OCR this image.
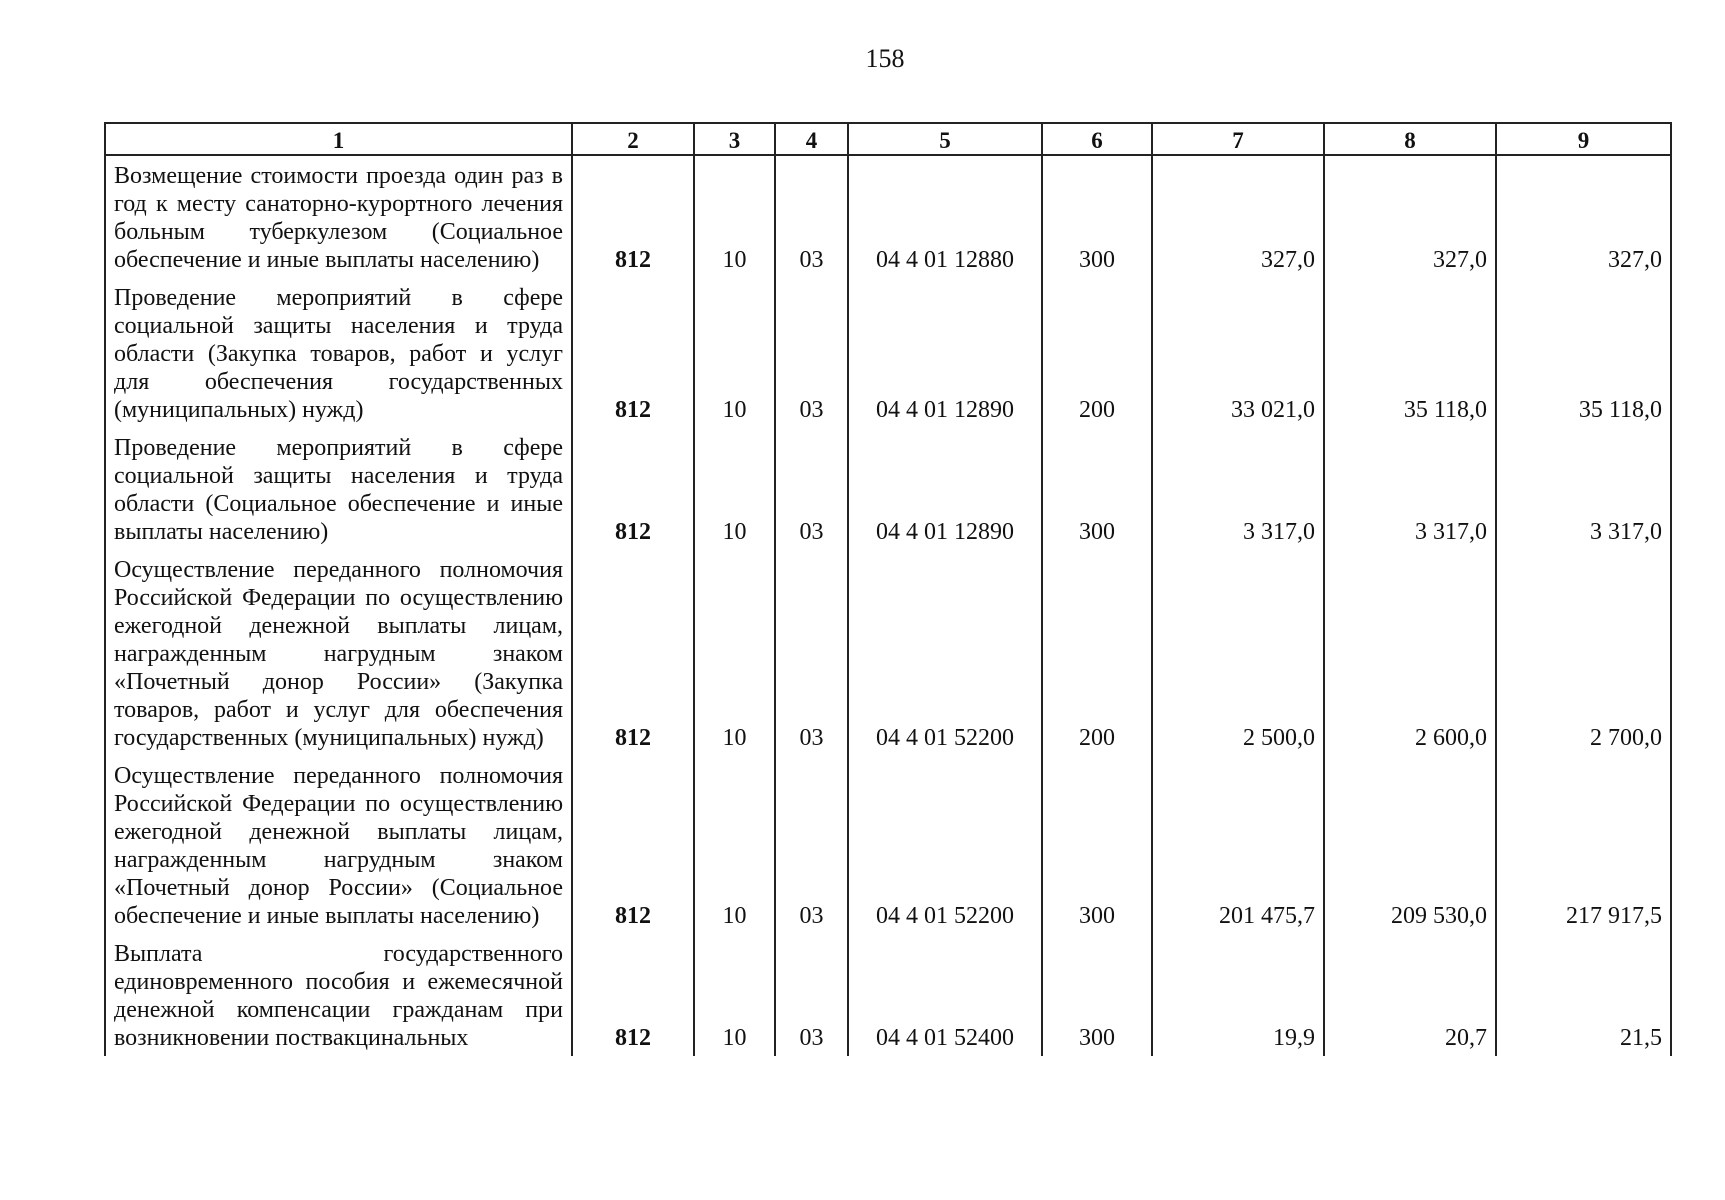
158
1	2	3	4	5	6	7	8	9
Возмещение стоимости проезда один раз в год к месту санаторно-курортного лечения больным туберкулезом (Социальное обеспечение и иные выплаты населению)	812	10	03	04 4 01 12880	300	327,0	327,0	327,0
Проведение мероприятий в сфере социальной защиты населения и труда области (Закупка товаров, работ и услуг для обеспечения государственных (муниципальных) нужд)	812	10	03	04 4 01 12890	200	33 021,0	35 118,0	35 118,0
Проведение мероприятий в сфере социальной защиты населения и труда области (Социальное обеспечение и иные выплаты населению)	812	10	03	04 4 01 12890	300	3 317,0	3 317,0	3 317,0
Осуществление переданного полномочия Российской Федерации по осуществлению ежегодной денежной выплаты лицам, награжденным нагрудным знаком «Почетный донор России» (Закупка товаров, работ и услуг для обеспечения государственных (муниципальных) нужд)	812	10	03	04 4 01 52200	200	2 500,0	2 600,0	2 700,0
Осуществление переданного полномочия Российской Федерации по осуществлению ежегодной денежной выплаты лицам, награжденным нагрудным знаком «Почетный донор России» (Социальное обеспечение и иные выплаты населению)	812	10	03	04 4 01 52200	300	201 475,7	209 530,0	217 917,5
Выплата государственного единовременного пособия и ежемесячной денежной компенсации гражданам при возникновении поствакцинальных	812	10	03	04 4 01 52400	300	19,9	20,7	21,5
